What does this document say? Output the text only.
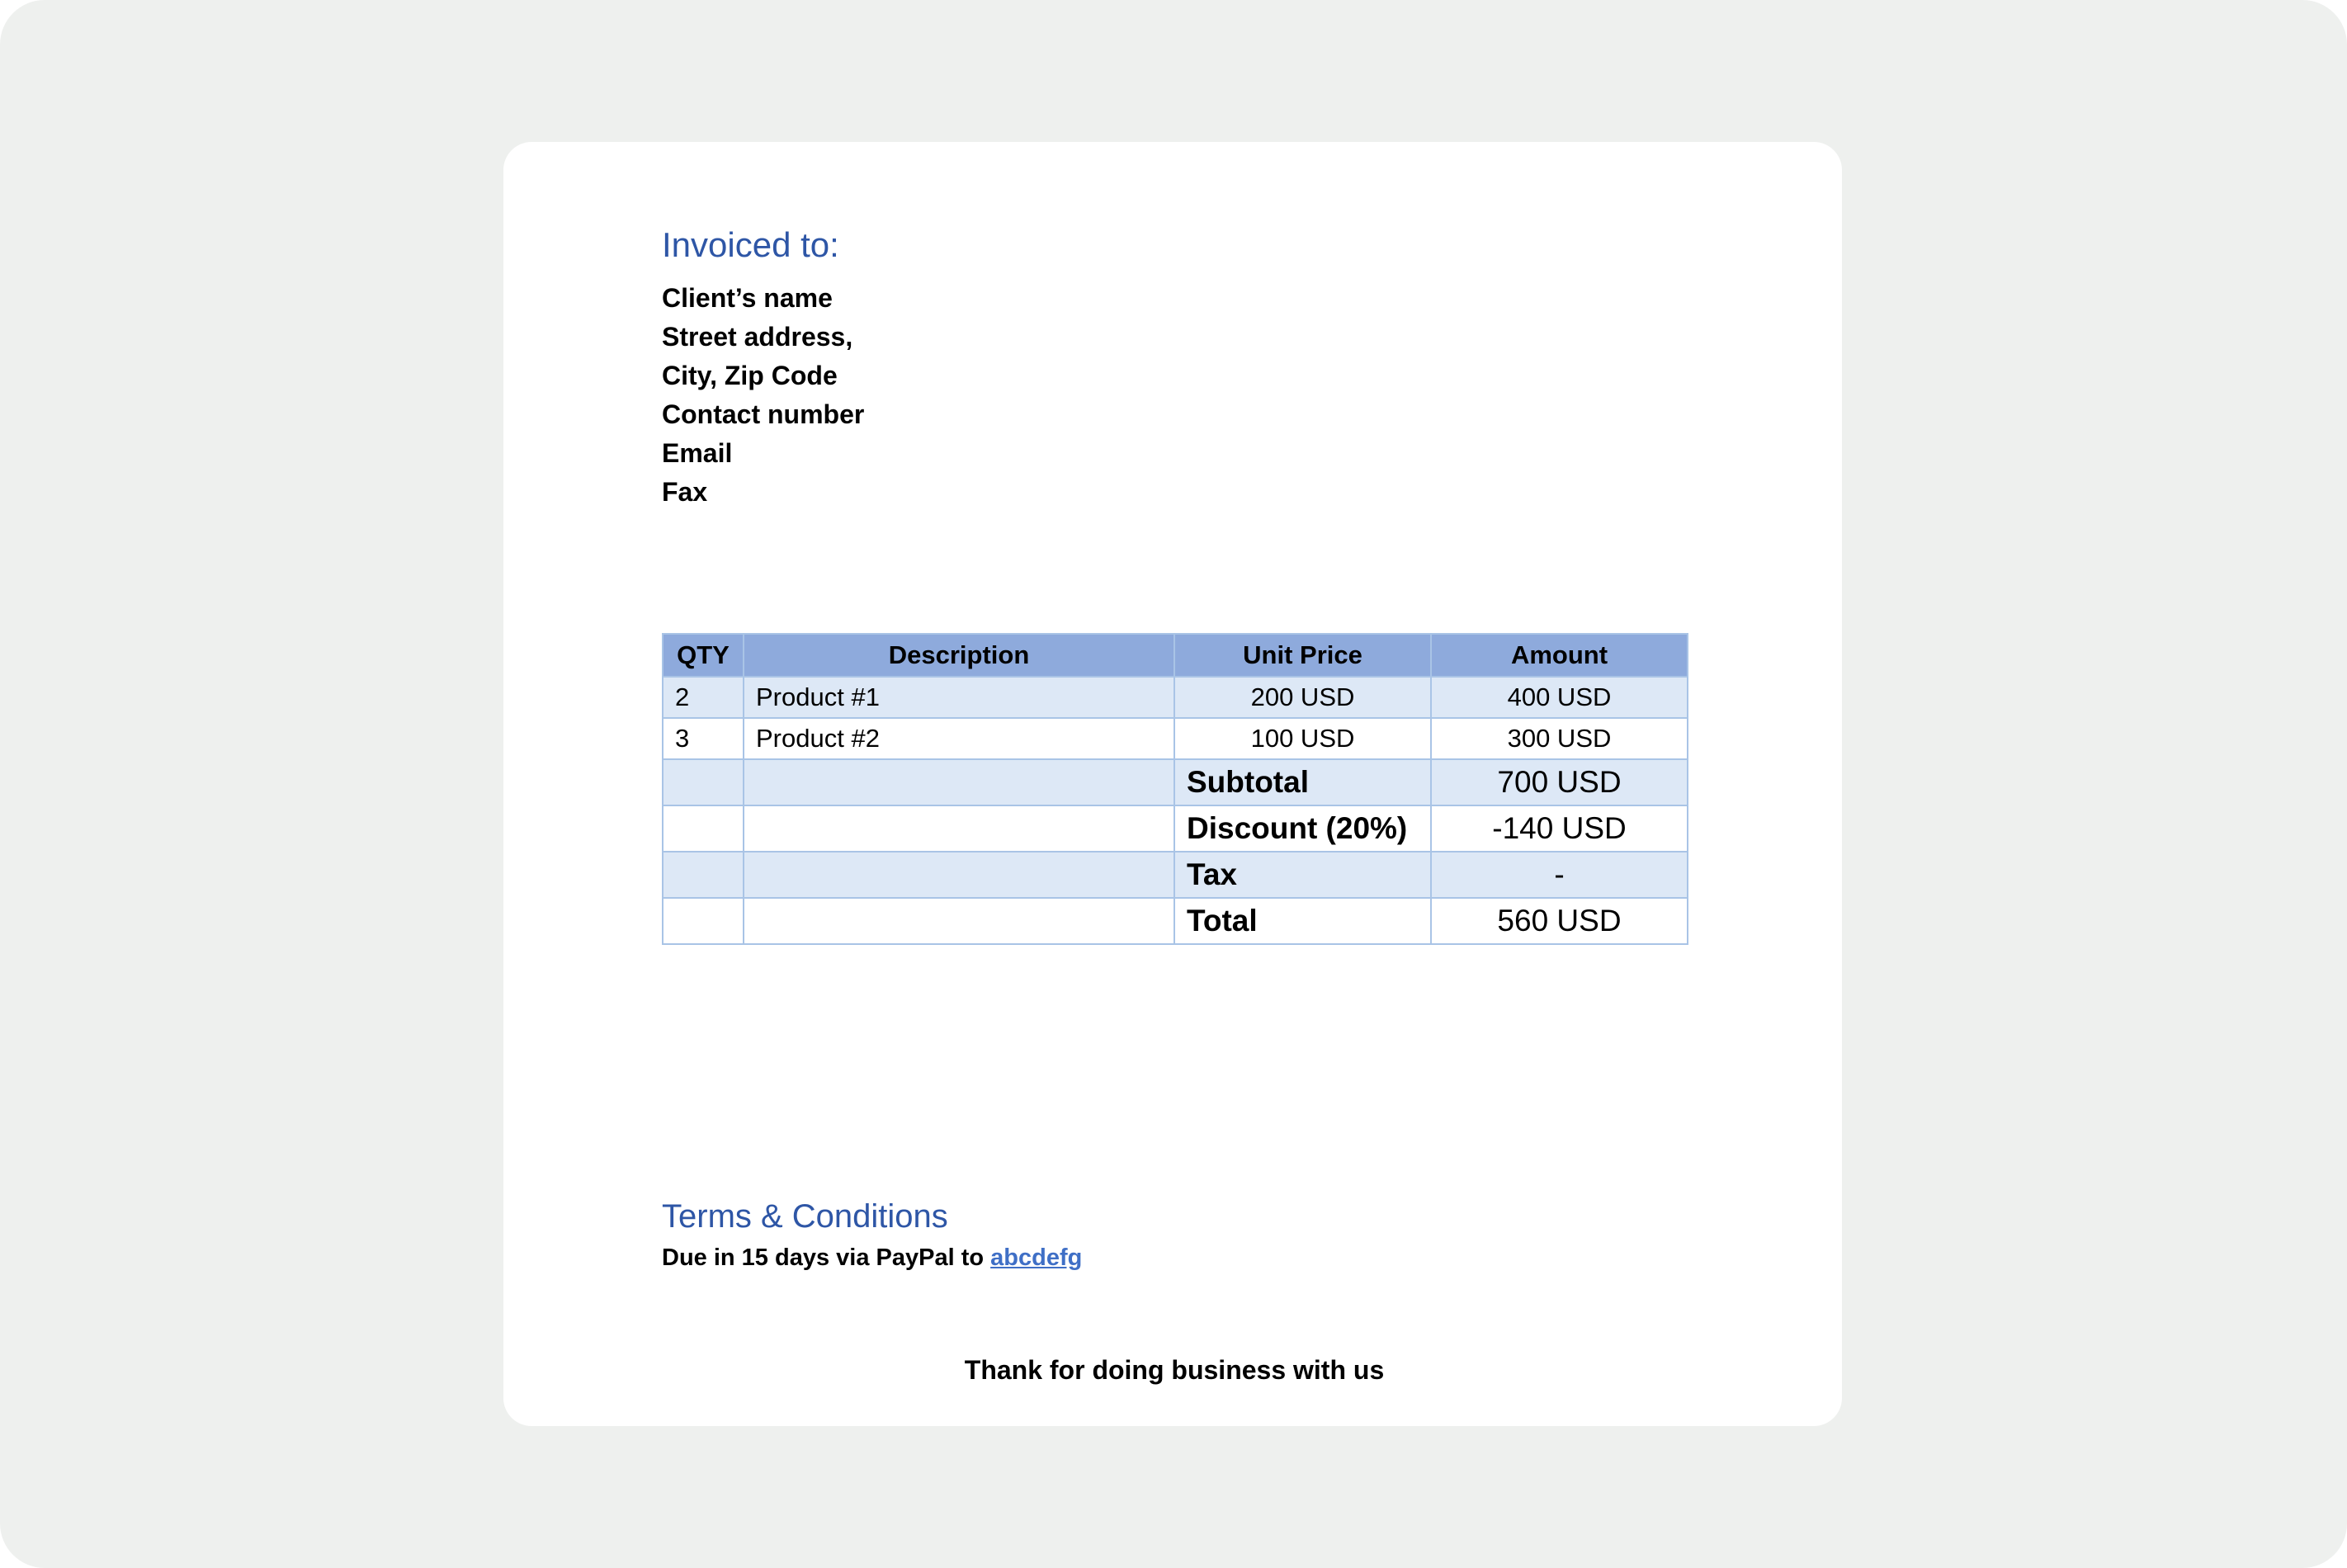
Invoiced to:
Client’s name
Street address,
City, Zip Code
Contact number
Email
Fax
QTY	Description	Unit Price	Amount
2	Product #1	200 USD	400 USD
3	Product #2	100 USD	300 USD
		Subtotal	700 USD
		Discount (20%)	-140 USD
		Tax	-
		Total	560 USD
Terms & Conditions
Due in 15 days via PayPal to abcdefg
Thank for doing business with us
